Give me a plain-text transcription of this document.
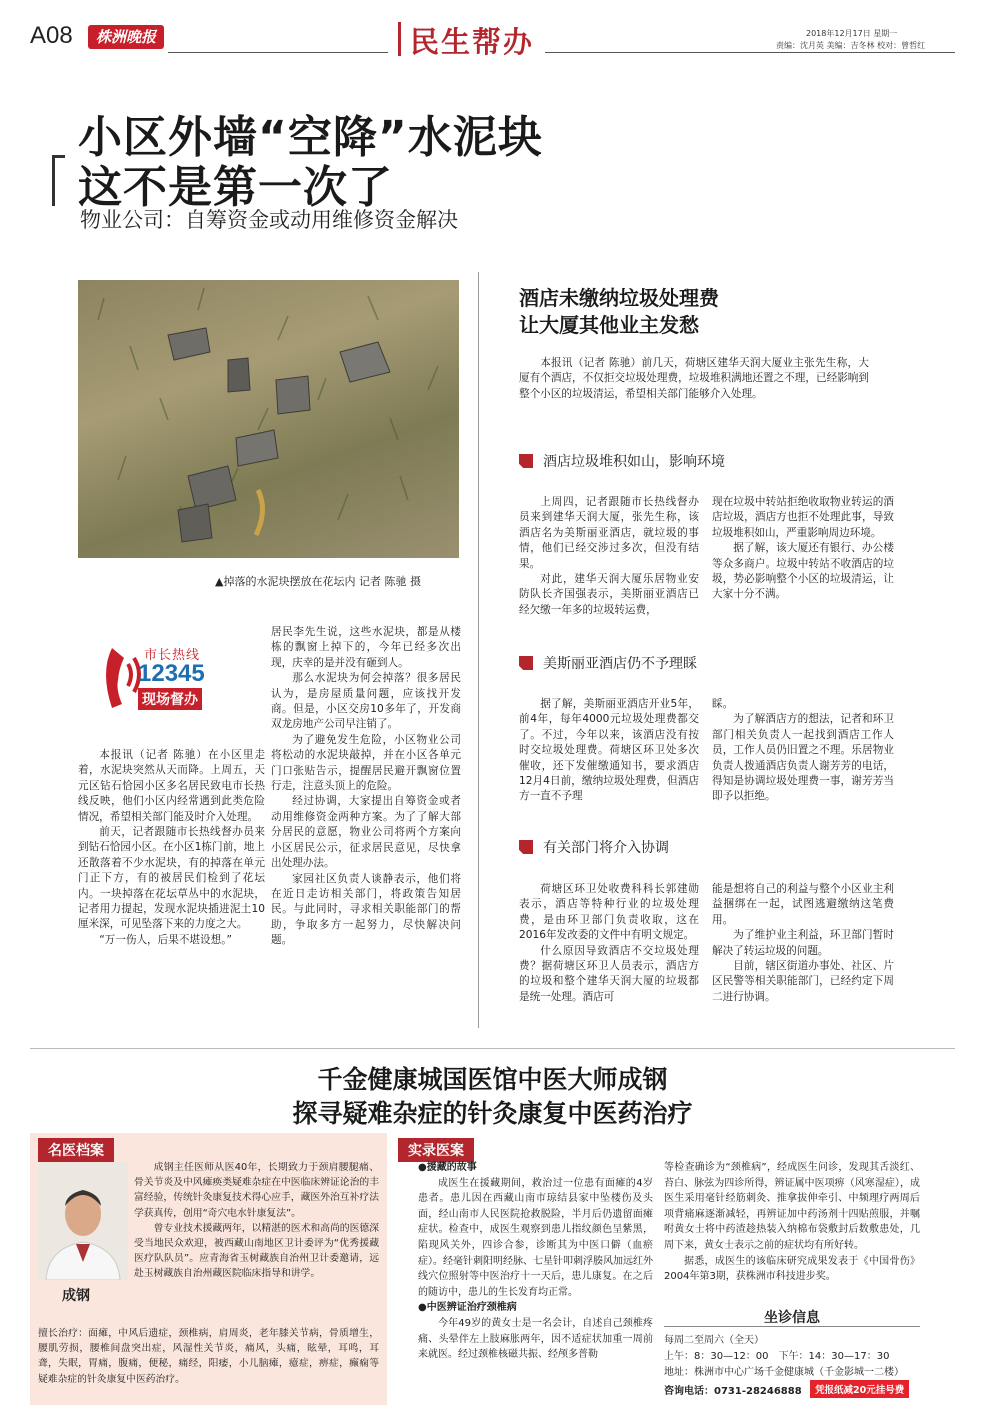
A08	株洲晚报	民生帮办	2018年12月17日 星期一
责编：沈月英 美编：吉冬林 校对：曾哲红
小区外墙“空降”水泥块
这不是第一次了
物业公司：自筹资金或动用维修资金解决
▲掉落的水泥块摆放在花坛内 记者 陈驰 摄
市长热线
12345
现场督办

本报讯（记者 陈驰）在小区里走着，水泥块突然从天而降。上周五，天元区钻石恰园小区多名居民致电市长热线反映，他们小区内经常遇到此类危险情况，希望相关部门能及时介入处理。

前天，记者跟随市长热线督办员来到钻石恰园小区。在小区1栋门前，地上还散落着不少水泥块，有的掉落在单元门正下方，有的被居民们检到了花坛内。一块掉落在花坛草丛中的水泥块，记者用力提起，发现水泥块插进泥土10厘米深，可见坠落下来的力度之大。

“万一伤人，后果不堪设想。”

居民李先生说，这些水泥块，都是从楼栋的飘窗上掉下的，今年已经多次出现，庆幸的是并没有砸到人。

那么水泥块为何会掉落？很多居民认为，是房屋质量问题，应该找开发商。但是，小区交房10多年了，开发商双龙房地产公司早注销了。

为了避免发生危险，小区物业公司将松动的水泥块敲掉，并在小区各单元门口张贴告示，提醒居民避开飘窗位置行走，注意头顶上的危险。

经过协调，大家提出自筹资金或者动用维修资金两种方案。为了了解大部分居民的意愿，物业公司将两个方案向小区居民公示，征求居民意见，尽快拿出处理办法。

家园社区负责人谈静表示，他们将在近日走访相关部门，将政策告知居民。与此同时，寻求相关职能部门的帮助，争取多方一起努力，尽快解决问题。

酒店未缴纳垃圾处理费
让大厦其他业主发愁

本报讯（记者 陈驰）前几天，荷塘区建华天润大厦业主张先生称，大厦有个酒店，不仅拒交垃圾处理费，垃圾堆积满地还置之不理，已经影响到整个小区的垃圾清运，希望相关部门能够介入处理。

酒店垃圾堆积如山，影响环境

上周四，记者跟随市长热线督办员来到建华天润大厦，张先生称，该酒店名为美斯丽亚酒店，就垃圾的事情，他们已经交涉过多次，但没有结果。

对此，建华天润大厦乐居物业安防队长齐国强表示，美斯丽亚酒店已经欠缴一年多的垃圾转运费，

现在垃圾中转站拒绝收取物业转运的酒店垃圾，酒店方也拒不处理此事，导致垃圾堆积如山，严重影响周边环境。

据了解，该大厦还有银行、办公楼等众多商户。垃圾中转站不收酒店的垃圾，势必影响整个小区的垃圾清运，让大家十分不满。

美斯丽亚酒店仍不予理睬

据了解，美斯丽亚酒店开业5年，前4年，每年4000元垃圾处理费都交了。不过，今年以来，该酒店没有按时交垃圾处理费。荷塘区环卫处多次催收，还下发催缴通知书，要求酒店12月4日前，缴纳垃圾处理费，但酒店方一直不予理

睬。

为了解酒店方的想法，记者和环卫部门相关负责人一起找到酒店工作人员，工作人员仍旧置之不理。乐居物业负责人拨通酒店负责人谢芳芳的电话，得知是协调垃圾处理费一事，谢芳芳当即予以拒绝。

有关部门将介入协调

荷塘区环卫处收费科科长郭建勋表示，酒店等特种行业的垃圾处理费，是由环卫部门负责收取，这在2016年发改委的文件中有明文规定。

什么原因导致酒店不交垃圾处理费？据荷塘区环卫人员表示，酒店方的垃圾和整个建华天润大厦的垃圾都是统一处理。酒店可

能是想将自己的利益与整个小区业主利益捆绑在一起，试图逃避缴纳这笔费用。

为了维护业主利益，环卫部门暂时解决了转运垃圾的问题。

目前，辖区街道办事处、社区、片区民警等相关职能部门，已经约定下周二进行协调。

千金健康城国医馆中医大师成钢
探寻疑难杂症的针灸康复中医药治疗
名医档案
成钢

成钢主任医师从医40年，长期致力于颈肩腰腿痛、骨关节炎及中风瘫痪类疑难杂症在中医临床辨证论治的丰富经验，传统针灸康复技术得心应手，藏医外治互补疗法学获真传，创用“奇穴电水针康复法”。

曾专业技术援藏两年，以精湛的医术和高尚的医德深受当地民众欢迎，被西藏山南地区卫计委评为“优秀援藏医疗队队员”。应青海省玉树藏族自治州卫计委邀请，远赴玉树藏族自治州藏医院临床指导和讲学。

擅长治疗：面瘫，中风后遗症，颈椎病，肩周炎，老年膝关节病，骨质增生，腰肌劳损，腰椎间盘突出症，风湿性关节炎，痛风，头痛，眩晕，耳鸣，耳聋，失眠，胃痛，腹痛，便秘，痛经，阳痿，小儿脑瘫，癔症，痹症，癫痫等疑难杂症的针灸康复中医药治疗。
实录医案
●援藏的故事

成医生在援藏期间，救治过一位患有面瘫的4岁患者。患儿因在西藏山南市琼结县家中坠楼伤及头面，经山南市人民医院抢救脱险，半月后仍遗留面瘫症状。检查中，成医生观察到患儿指纹颜色呈紫黑，陷现风关外，四诊合参，诊断其为中医口僻（血瘀症）。经毫针刺阳明经脉、七星针叩刺浮腠风加远红外线穴位照射等中医治疗十一天后，患儿康复。在之后的随访中，患儿的生长发育均正常。

●中医辨证治疗颈椎病

今年49岁的黄女士是一名会计，自述自己颈椎疼痛、头晕伴左上肢麻胀两年，因不适症状加重一周前来就医。经过颈椎核磁共振、经颅多普勒

等检查确诊为“颈椎病”，经成医生问诊，发现其舌淡红、苔白、脉弦为四诊所得，辨证属中医项痹（风寒湿症），成医生采用毫针经筋刺灸、推拿拔伸牵引、中频理疗两周后项背痛麻逐渐减轻，再辨证加中药汤剂十四贴煎服，并嘱咐黄女士将中药渣趁热装入纳棉布袋敷封后数敷患处，几周下来，黄女士表示之前的症状均有所好转。

据悉，成医生的该临床研究成果发表于《中国骨伤》2004年第3期，获株洲市科技进步奖。

坐诊信息
每周二至周六（全天）
上午：8：30—12：00　下午：14：30—17：30
地址：株洲市中心广场千金健康城（千金影城一二楼）
咨询电话：0731-28246888	凭报纸减20元挂号费
